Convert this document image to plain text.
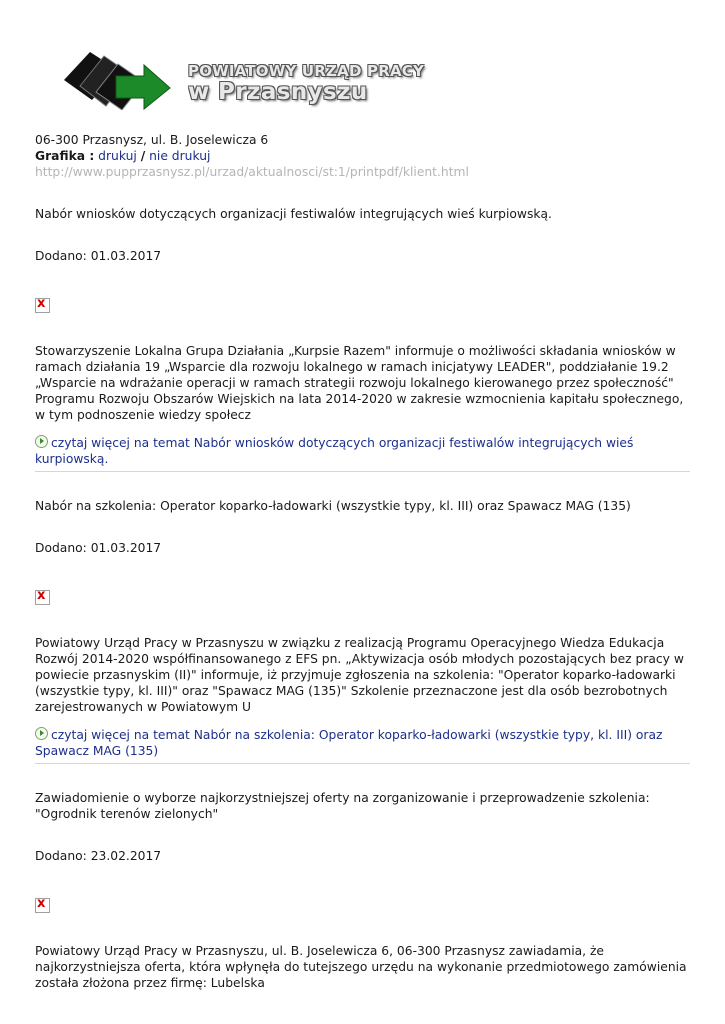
POWIATOWY URZĄD PRACY
w Przasnyszu
06-300 Przasnysz, ul. B. Joselewicza 6
Grafika : drukuj / nie drukuj
http://www.pupprzasnysz.pl/urzad/aktualnosci/st:1/printpdf/klient.html
Nabór wniosków dotyczących organizacji festiwalów integrujących wieś kurpiowską.
Dodano: 01.03.2017
x
Stowarzyszenie Lokalna Grupa Działania „Kurpsie Razem" informuje o możliwości składania wniosków w ramach działania 19 „Wsparcie dla rozwoju lokalnego w ramach inicjatywy LEADER", poddziałanie 19.2 „Wsparcie na wdrażanie operacji w ramach strategii rozwoju lokalnego kierowanego przez społeczność" Programu Rozwoju Obszarów Wiejskich na lata 2014-2020 w zakresie wzmocnienia kapitału społecznego, w tym podnoszenie wiedzy społecz
czytaj więcej na temat Nabór wniosków dotyczących organizacji festiwalów integrujących wieś kurpiowską.
Nabór na szkolenia: Operator koparko-ładowarki (wszystkie typy, kl. III) oraz Spawacz MAG (135)
Dodano: 01.03.2017
x
Powiatowy Urząd Pracy w Przasnyszu w związku z realizacją Programu Operacyjnego Wiedza Edukacja Rozwój 2014-2020 współfinansowanego z EFS pn. „Aktywizacja osób młodych pozostających bez pracy w powiecie przasnyskim (II)" informuje, iż przyjmuje zgłoszenia na szkolenia: "Operator koparko-ładowarki (wszystkie typy, kl. III)" oraz "Spawacz MAG (135)" Szkolenie przeznaczone jest dla osób bezrobotnych zarejestrowanych w Powiatowym U
czytaj więcej na temat Nabór na szkolenia: Operator koparko-ładowarki (wszystkie typy, kl. III) oraz Spawacz MAG (135)
Zawiadomienie o wyborze najkorzystniejszej oferty na zorganizowanie i przeprowadzenie szkolenia: "Ogrodnik terenów zielonych"
Dodano: 23.02.2017
x
Powiatowy Urząd Pracy w Przasnyszu, ul. B. Joselewicza 6, 06-300 Przasnysz zawiadamia, że najkorzystniejsza oferta, która wpłynęła do tutejszego urzędu na wykonanie przedmiotowego zamówienia została złożona przez firmę: Lubelska
